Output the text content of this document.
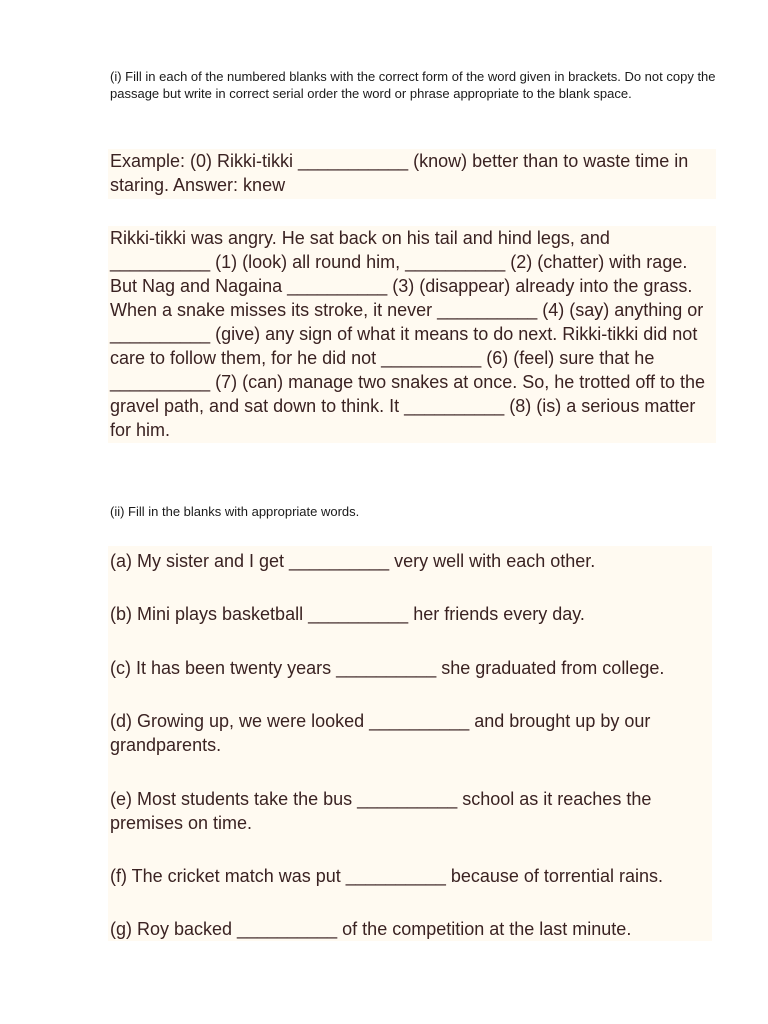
(i) Fill in each of the numbered blanks with the correct form of the word given in brackets. Do not copy the passage but write in correct serial order the word or phrase appropriate to the blank space.

Example: (0) Rikki-tikki ___________ (know) better than to waste time in staring. Answer: knew

Rikki-tikki was angry. He sat back on his tail and hind legs, and __________ (1) (look) all round him, __________ (2) (chatter) with rage. But Nag and Nagaina __________ (3) (disappear) already into the grass. When a snake misses its stroke, it never __________ (4) (say) anything or __________ (give) any sign of what it means to do next. Rikki-tikki did not care to follow them, for he did not __________ (6) (feel) sure that he __________ (7) (can) manage two snakes at once. So, he trotted off to the gravel path, and sat down to think. It __________ (8) (is) a serious matter for him.

(ii) Fill in the blanks with appropriate words.

(a) My sister and I get __________ very well with each other.
(b) Mini plays basketball __________ her friends every day.
(c) It has been twenty years __________ she graduated from college.
(d) Growing up, we were looked __________ and brought up by our grandparents.
(e) Most students take the bus __________ school as it reaches the premises on time.
(f) The cricket match was put __________ because of torrential rains.
(g) Roy backed __________ of the competition at the last minute.
